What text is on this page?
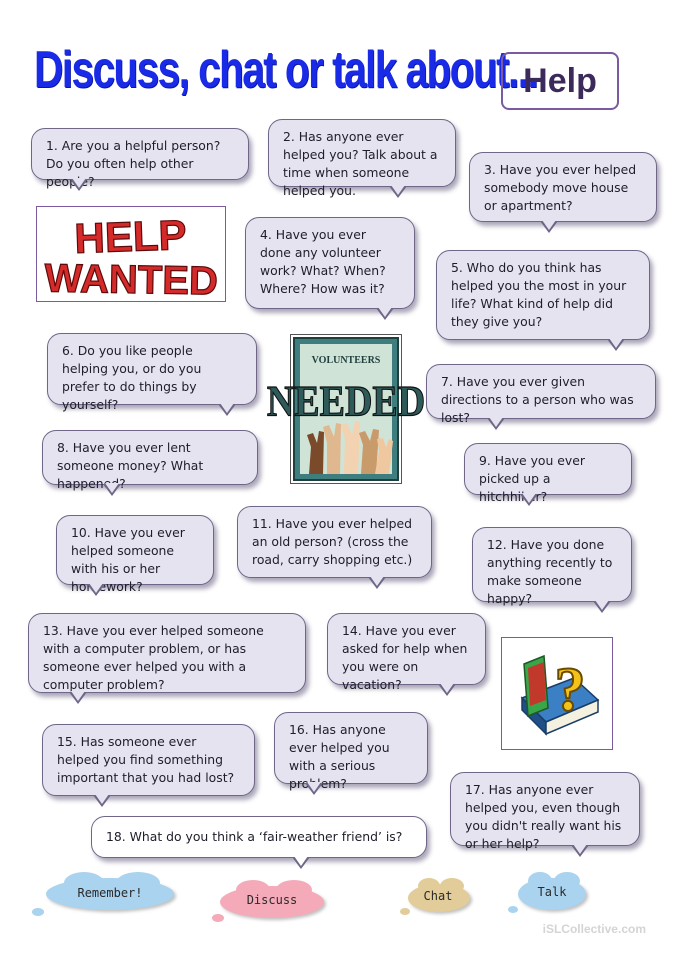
Discuss, chat or talk about...
Help
1. Are you a helpful person? Do you often help other people?
2. Has anyone ever helped you? Talk about a time when someone helped you.
3. Have you ever helped somebody move house or apartment?
4. Have you ever done any volunteer work? What? When? Where? How was it?
5. Who do you think has helped you the most in your life? What kind of help did they give you?
6. Do you like people helping you, or do you prefer to do things by yourself?
7. Have you ever given directions to a person who was lost?
8. Have you ever lent someone money? What happened?
9. Have you ever picked up a hitchhiker?
10. Have you ever helped someone with his or her homework?
11. Have you ever helped an old person? (cross the road, carry shopping etc.)
12. Have you done anything recently to make someone happy?
13. Have you ever helped someone with a computer problem, or has someone ever helped you with a computer problem?
14. Have you ever asked for help when you were on vacation?
15. Has someone ever helped you find something important that you had lost?
16. Has anyone ever helped you with a serious problem?	17. Has anyone ever helped you, even though you didn't really want his or her help?
18. What do you think a ‘fair-weather friend’ is?
HELP
WANTED
VOLUNTEERS
NEEDED
?
Remember!	Discuss	Chat	Talk
iSLCollective.com
